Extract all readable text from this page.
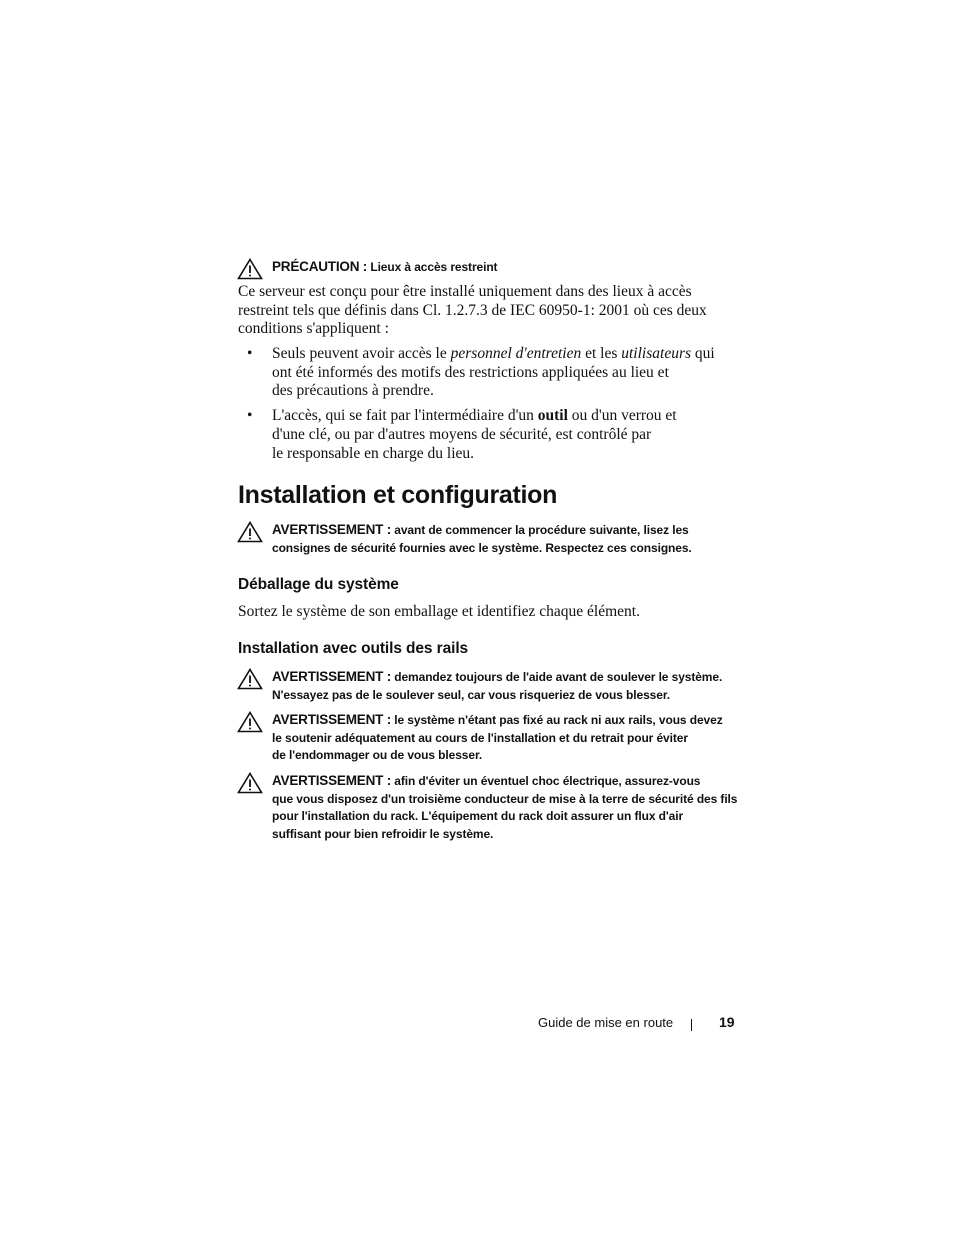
PRÉCAUTION : Lieux à accès restreint

Ce serveur est conçu pour être installé uniquement dans des lieux à accès restreint tels que définis dans Cl. 1.2.7.3 de IEC 60950-1: 2001 où ces deux conditions s'appliquent :

• Seuls peuvent avoir accès le personnel d'entretien et les utilisateurs qui
ont été informés des motifs des restrictions appliquées au lieu et
des précautions à prendre.
• L'accès, qui se fait par l'intermédiaire d'un outil ou d'un verrou et
d'une clé, ou par d'autres moyens de sécurité, est contrôlé par
le responsable en charge du lieu.
Installation et configuration
AVERTISSEMENT : avant de commencer la procédure suivante, lisez les
consignes de sécurité fournies avec le système. Respectez ces consignes.
Déballage du système

Sortez le système de son emballage et identifiez chaque élément.

Installation avec outils des rails
AVERTISSEMENT : demandez toujours de l'aide avant de soulever le système.
N'essayez pas de le soulever seul, car vous risqueriez de vous blesser.
AVERTISSEMENT : le système n'étant pas fixé au rack ni aux rails, vous devez
le soutenir adéquatement au cours de l'installation et du retrait pour éviter
de l'endommager ou de vous blesser.
AVERTISSEMENT : afin d'éviter un éventuel choc électrique, assurez-vous
que vous disposez d'un troisième conducteur de mise à la terre de sécurité des fils
pour l'installation du rack. L'équipement du rack doit assurer un flux d'air
suffisant pour bien refroidir le système.
Guide de mise en route	19
